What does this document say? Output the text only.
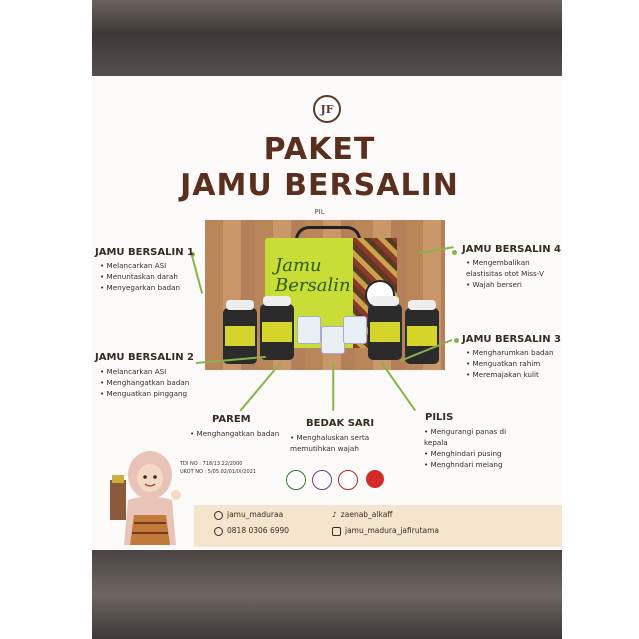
JF
PAKET
JAMU BERSALIN
PIL
Jamu
Bersalin
JAMU BERSALIN 1
• Melancarkan ASI
• Menuntaskan darah
• Menyegarkan badan
JAMU BERSALIN 4
• Mengembalikan elastisitas otot Miss-V
• Wajah berseri
JAMU BERSALIN 2
• Melancarkan ASI
• Menghangatkan badan
• Menguatkan pinggang
JAMU BERSALIN 3
• Mengharumkan badan
• Menguatkan rahim
• Meremajakan kulit
PAREM
• Menghangatkan badan
BEDAK SARI
• Menghaluskan serta memutihkan wajah
PILIS
• Mengurangi panas di kepala
• Menghindari pusing
• Menghndari meiang
TDI NO : 718/13.22/2000
UKOT NO : 5/05.02/01/IX/2021
jamu_maduraa	♪ zaenab_alkaff
0818 0306 6990	jamu_madura_jafirutama
